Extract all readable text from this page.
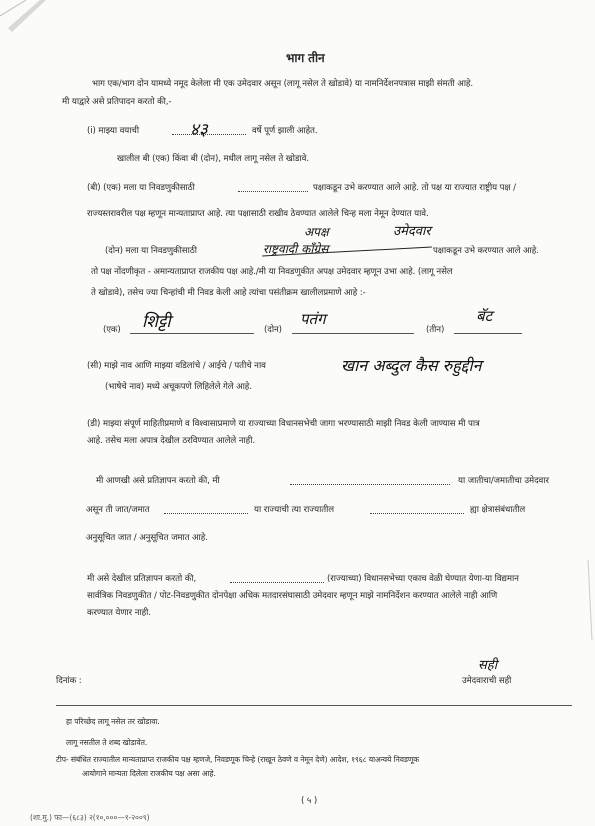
भाग तीन
भाग एक/भाग दोन यामध्ये नमूद केलेला मी एक उमेदवार असून (लागू नसेल ते खोडावे) या नामनिर्देशनपत्रास माझी संमती आहे.
मी याद्वारे असे प्रतिपादन करतो की,-
(i) माझ्या वयाची	४३	वर्षे पूर्ण झाली आहेत.
खालील बी (एक) किंवा बी (दोन), मधील लागू नसेल ते खोडावे.
(बी) (एक) मला या निवडणुकीसाठी	पक्षाकडून उभे करण्यात आले आहे. तो पक्ष या राज्यात राष्ट्रीय पक्ष /
राज्यस्तरावरील पक्ष म्हणून मान्यताप्राप्त आहे. त्या पक्षासाठी राखीव ठेवण्यात आलेले चिन्ह मला नेमून देण्यात यावे.
अपक्ष	उमेदवार
(दोन) मला या निवडणुकीसाठी	राष्ट्रवादी काँग्रेस	पक्षाकडून उभे करण्यात आले आहे.
तो पक्ष नोंदणीकृत - अमान्यताप्राप्त राजकीय पक्ष आहे./मी या निवडणुकीत अपक्ष उमेदवार म्हणून उभा आहे. (लागू नसेल
ते खोडावे), तसेच ज्या चिन्हांची मी निवड केली आहे त्यांचा पसंतीक्रम खालीलप्रमाणे आहे :-
(एक) शिट्टी	(दोन)
पतंग
(तीन)
बॅट
(सी) माझे नाव आणि माझ्या वडिलांचे / आईचे / पतीचे नाव	खान अब्दुल कैस रुहुद्दीन
(भाषेचे नाव) मध्ये अचूकपणे लिहिलेले गेले आहे.
(डी) माझ्या संपूर्ण माहितीप्रमाणे व विश्वासाप्रमाणे या राज्याच्या विधानसभेची जागा भरण्यासाठी माझी निवड केली जाण्यास मी पात्र
आहे. तसेच मला अपात्र देखील ठरविण्यात आलेले नाही.
मी आणखी असे प्रतिज्ञापन करतो की, मी	या जातीचा/जमातीचा उमेदवार
असून ती जात/जमात	या राज्याची त्या राज्यातील	ह्या क्षेत्रासंबंधातील
अनुसूचित जात / अनुसूचित जमात आहे.
मी असे देखील प्रतिज्ञापन करतो की,	(राज्याच्या) विधानसभेच्या एकाच वेळी घेण्यात येणा-या विद्यमान
सार्वत्रिक निवडणुकीत / पोट-निवडणुकीत दोनपेक्षा अधिक मतदारसंघासाठी उमेदवार म्हणून माझे नामनिर्देशन करण्यात आलेले नाही आणि
करण्यात येणार नाही.
सही
दिनांक :	उमेदवाराची सही
हा परिच्छेद लागू नसेल तर खोडावा.
लागू नसतील ते शब्द खोडावेत.
टीप- संबंधित राज्यातील मान्यताप्राप्त राजकीय पक्ष म्हणजे, निवडणूक चिन्हे (राखून ठेवणे व नेमून देणे) आदेश, १९६८ याअन्वये निवडणूक
आयोगाने मान्यता दिलेला राजकीय पक्ष असा आहे.
( ५ )
(शा.मु.) फा—(६८३) २(१०,०००—१-२००९)
